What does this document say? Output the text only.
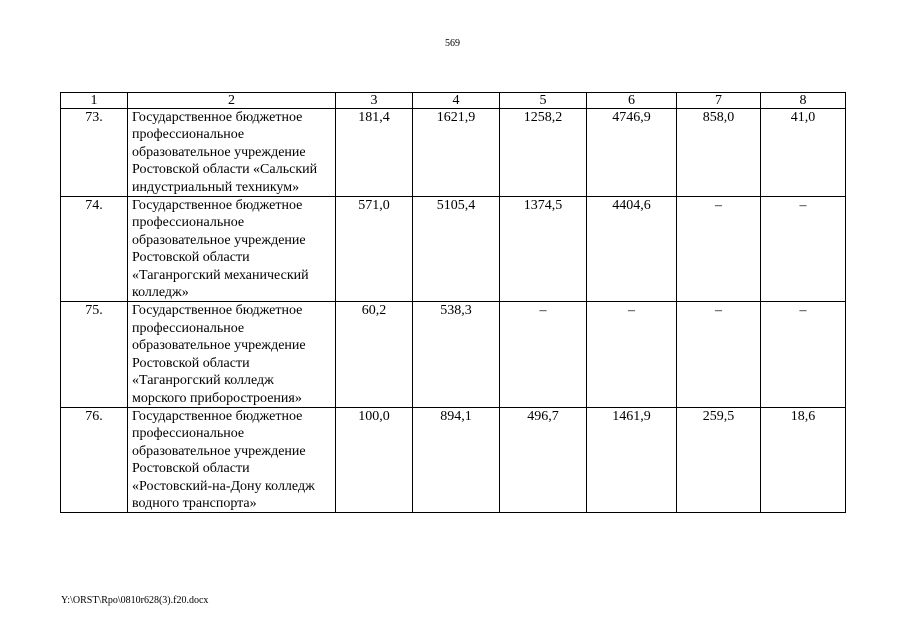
569
1	2	3	4	5	6	7	8
73.	Государственное бюджетное профессиональное образовательное учреждение Ростовской области «Сальский индустриальный техникум»	181,4	1621,9	1258,2	4746,9	858,0	41,0
74.	Государственное бюджетное профессиональное образовательное учреждение Ростовской области «Таганрогский механический колледж»	571,0	5105,4	1374,5	4404,6	–	–
75.	Государственное бюджетное профессиональное образовательное учреждение Ростовской области «Таганрогский колледж морского приборостроения»	60,2	538,3	–	–	–	–
76.	Государственное бюджетное профессиональное образовательное учреждение Ростовской области «Ростовский-на-Дону колледж водного транспорта»	100,0	894,1	496,7	1461,9	259,5	18,6
Y:\ORST\Rpo\0810r628(3).f20.docx
